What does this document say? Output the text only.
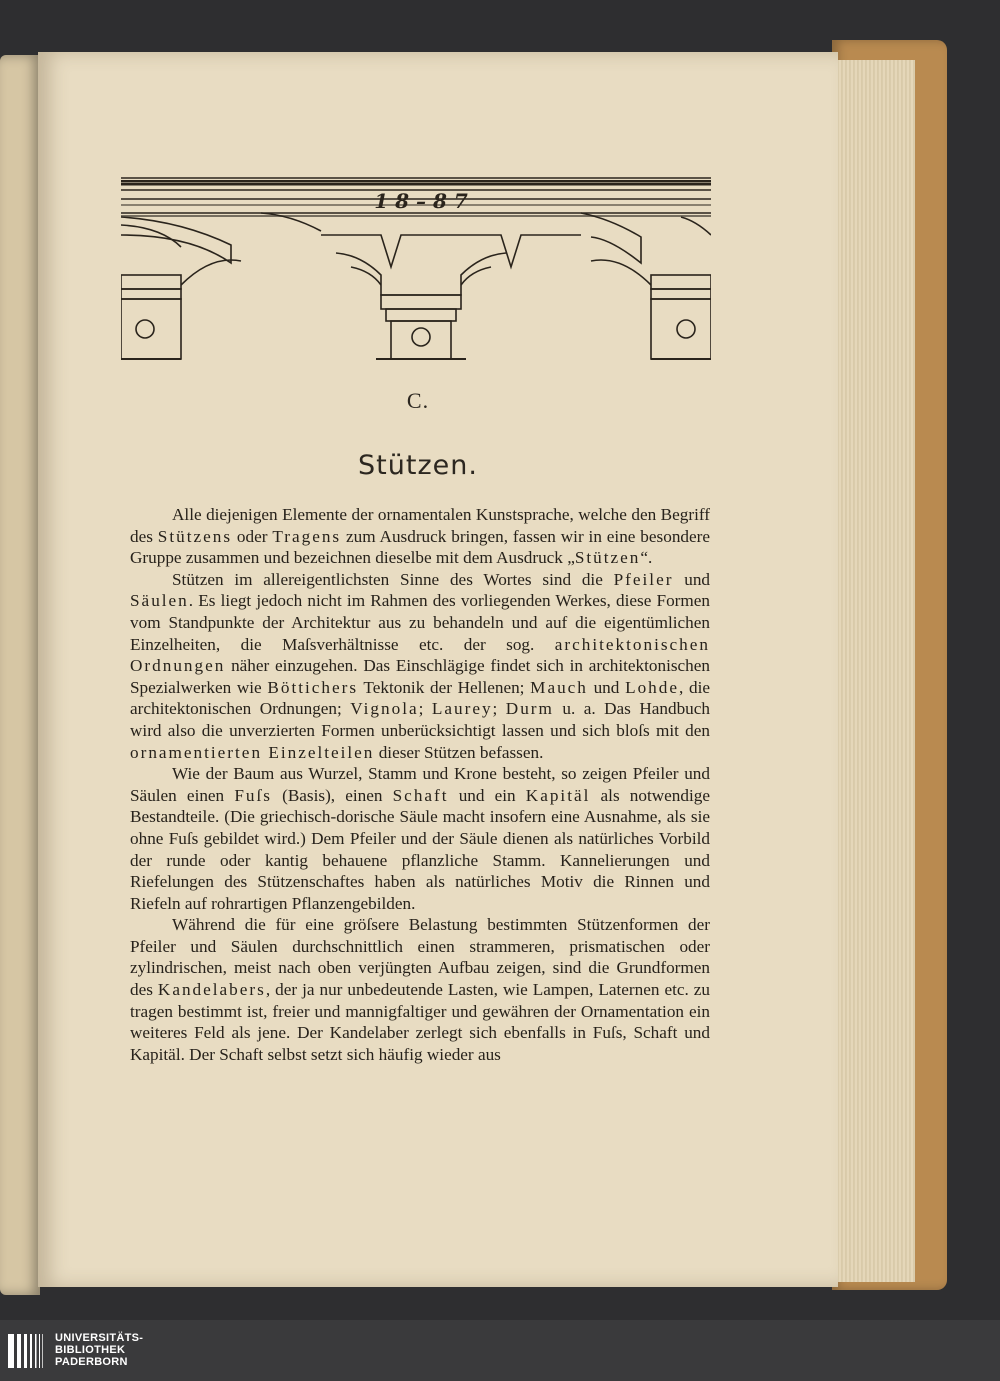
1 8 – 8 7
C.
Stützen.

Alle diejenigen Elemente der ornamentalen Kunstsprache, welche den Begriff des Stützens oder Tragens zum Ausdruck bringen, fassen wir in eine besondere Gruppe zusammen und bezeichnen dieselbe mit dem Ausdruck „Stützen“.

Stützen im allereigentlichsten Sinne des Wortes sind die Pfeiler und Säulen. Es liegt jedoch nicht im Rahmen des vorliegenden Werkes, diese Formen vom Standpunkte der Architektur aus zu behandeln und auf die eigentümlichen Einzelheiten, die Maſsverhältnisse etc. der sog. architektonischen Ordnungen näher einzugehen. Das Einschlägige findet sich in architektonischen Spezialwerken wie Böttichers Tektonik der Hellenen; Mauch und Lohde, die architektonischen Ordnungen; Vignola; Laurey; Durm u. a. Das Handbuch wird also die unverzierten Formen unberücksichtigt lassen und sich bloſs mit den ornamentierten Einzelteilen dieser Stützen befassen.

Wie der Baum aus Wurzel, Stamm und Krone besteht, so zeigen Pfeiler und Säulen einen Fuſs (Basis), einen Schaft und ein Kapitäl als notwendige Bestandteile. (Die griechisch-dorische Säule macht insofern eine Ausnahme, als sie ohne Fuſs gebildet wird.) Dem Pfeiler und der Säule dienen als natürliches Vorbild der runde oder kantig behauene pflanzliche Stamm. Kannelierungen und Riefelungen des Stützenschaftes haben als natürliches Motiv die Rinnen und Riefeln auf rohrartigen Pflanzengebilden.

Während die für eine gröſsere Belastung bestimmten Stützenformen der Pfeiler und Säulen durchschnittlich einen strammeren, prismatischen oder zylindrischen, meist nach oben verjüngten Aufbau zeigen, sind die Grundformen des Kandelabers, der ja nur unbedeutende Lasten, wie Lampen, Laternen etc. zu tragen bestimmt ist, freier und mannigfaltiger und gewähren der Ornamentation ein weiteres Feld als jene. Der Kandelaber zerlegt sich ebenfalls in Fuſs, Schaft und Kapitäl. Der Schaft selbst setzt sich häufig wieder aus

UNIVERSITÄTS-
BIBLIOTHEK
PADERBORN
